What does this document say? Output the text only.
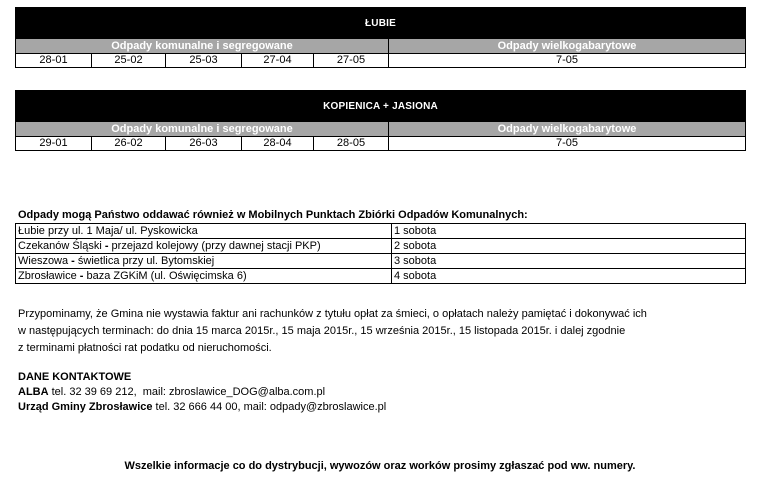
ŁUBIE					
Odpady komunalne i segregowane					Odpady wielkogabarytowe
28-01	25-02	25-03	27-04	27-05	7-05
KOPIENICA + JASIONA					
Odpady komunalne i segregowane					Odpady wielkogabarytowe
29-01	26-02	26-03	28-04	28-05	7-05
Odpady mogą Państwo oddawać również w Mobilnych Punktach Zbiórki Odpadów Komunalnych:
Łubie przy ul. 1 Maja/ ul. Pyskowicka	1 sobota
Czekanów Śląski - przejazd kolejowy (przy dawnej stacji PKP)	2 sobota
Wieszowa - świetlica przy ul. Bytomskiej	3 sobota
Zbrosławice - baza ZGKiM (ul. Oświęcimska 6)	4 sobota
Przypominamy, że Gmina nie wystawia faktur ani rachunków z tytułu opłat za śmieci, o opłatach należy pamiętać i dokonywać ich
w następujących terminach: do dnia 15 marca 2015r., 15 maja 2015r., 15 września 2015r., 15 listopada 2015r. i dalej zgodnie
z terminami płatności rat podatku od nieruchomości.
DANE KONTAKTOWE
ALBA tel. 32 39 69 212,  mail: zbroslawice_DOG@alba.com.pl
Urząd Gminy Zbrosławice tel. 32 666 44 00, mail: odpady@zbroslawice.pl
Wszelkie informacje co do dystrybucji, wywozów oraz worków prosimy zgłaszać pod ww. numery.
